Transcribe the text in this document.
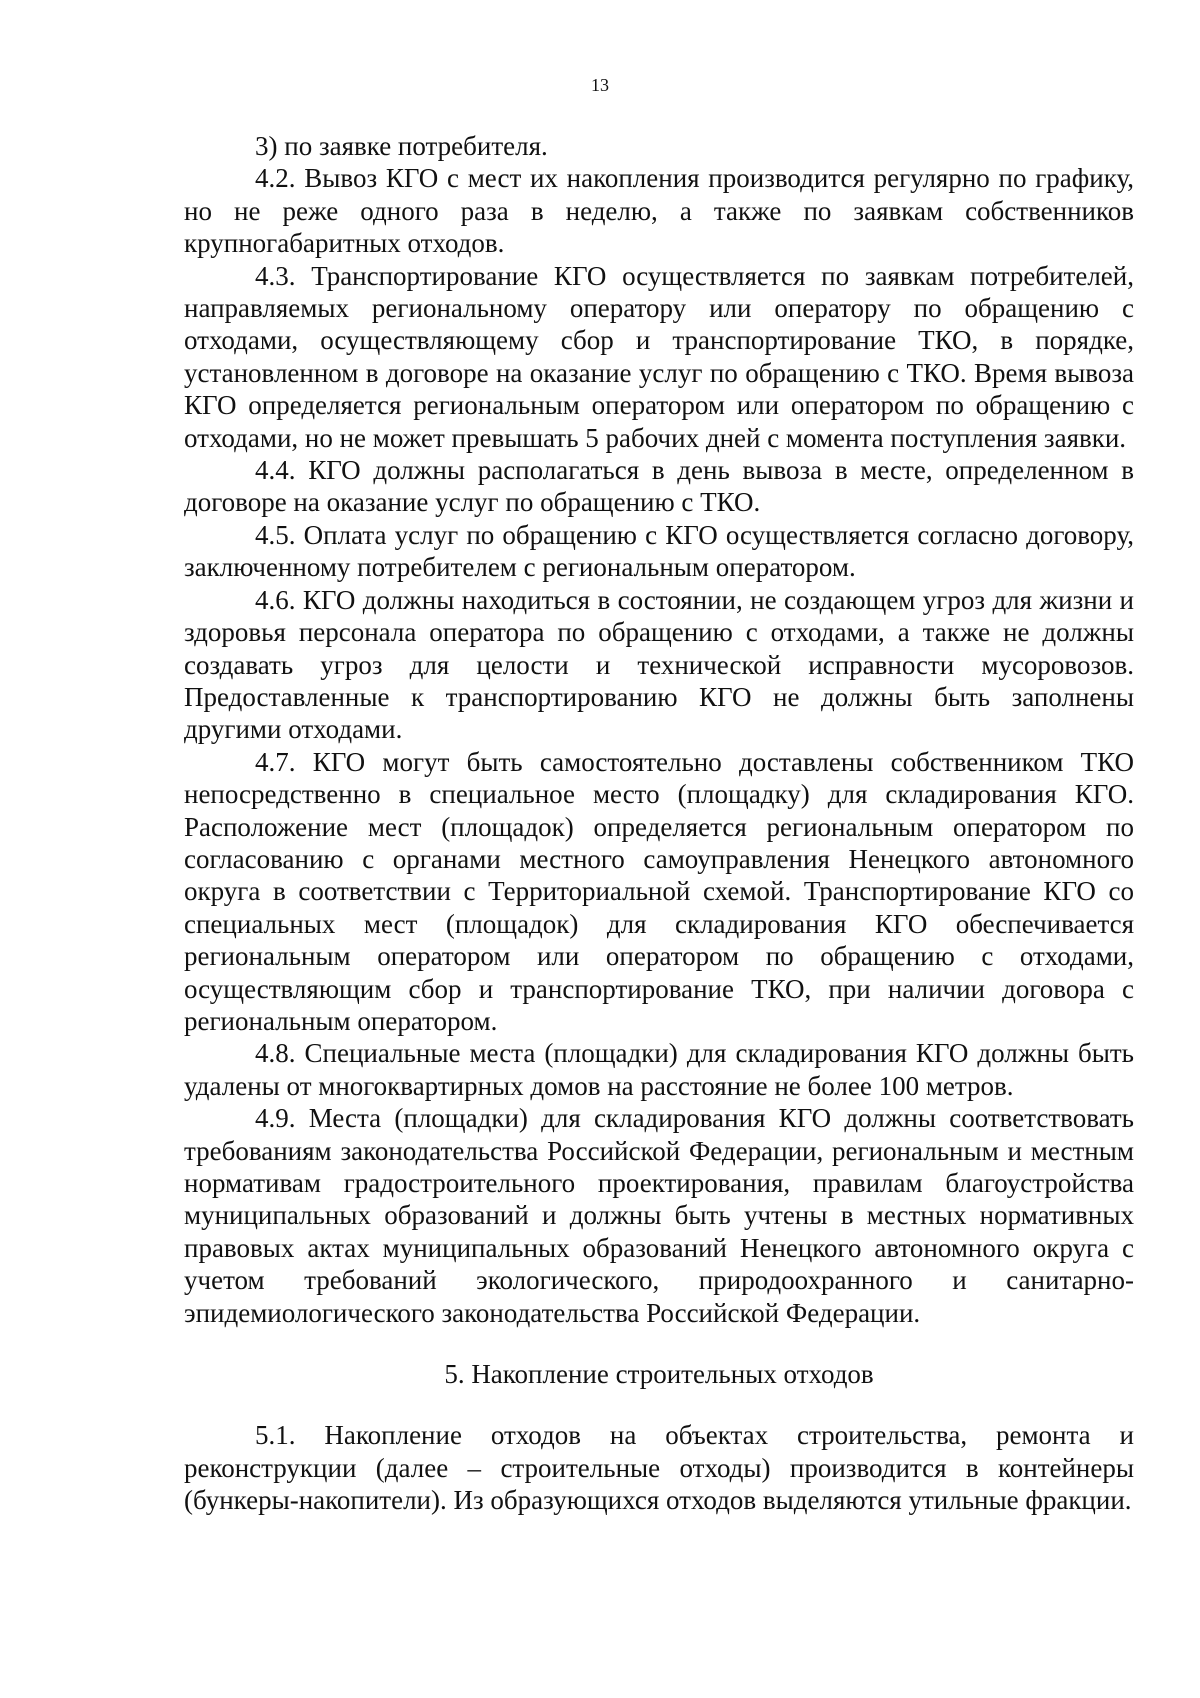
13

3) по заявке потребителя.

4.2. Вывоз КГО с мест их накопления производится регулярно по графику, но не реже одного раза в неделю, а также по заявкам собственников крупногабаритных отходов.

4.3. Транспортирование КГО осуществляется по заявкам потребителей, направляемых региональному оператору или оператору по обращению с отходами, осуществляющему сбор и транспортирование ТКО, в порядке, установленном в договоре на оказание услуг по обращению с ТКО. Время вывоза КГО определяется региональным оператором или оператором по обращению с отходами, но не может превышать 5 рабочих дней с момента поступления заявки.

4.4. КГО должны располагаться в день вывоза в месте, определенном в договоре на оказание услуг по обращению с ТКО.

4.5. Оплата услуг по обращению с КГО осуществляется согласно договору, заключенному потребителем с региональным оператором.

4.6. КГО должны находиться в состоянии, не создающем угроз для жизни и здоровья персонала оператора по обращению с отходами, а также не должны создавать угроз для целости и технической исправности мусоровозов. Предоставленные к транспортированию КГО не должны быть заполнены другими отходами.

4.7. КГО могут быть самостоятельно доставлены собственником ТКО непосредственно в специальное место (площадку) для складирования КГО. Расположение мест (площадок) определяется региональным оператором по согласованию с органами местного самоуправления Ненецкого автономного округа в соответствии с Территориальной схемой. Транспортирование КГО со специальных мест (площадок) для складирования КГО обеспечивается региональным оператором или оператором по обращению с отходами, осуществляющим сбор и транспортирование ТКО, при наличии договора с региональным оператором.

4.8. Специальные места (площадки) для складирования КГО должны быть удалены от многоквартирных домов на расстояние не более 100 метров.

4.9. Места (площадки) для складирования КГО должны соответствовать требованиям законодательства Российской Федерации, региональным и местным нормативам градостроительного проектирования, правилам благоустройства муниципальных образований и должны быть учтены в местных нормативных правовых актах муниципальных образований Ненецкого автономного округа с учетом требований экологического, природоохранного и санитарно-эпидемиологического законодательства Российской Федерации.

5. Накопление строительных отходов

5.1. Накопление отходов на объектах строительства, ремонта и реконструкции (далее – строительные отходы) производится в контейнеры (бункеры-накопители). Из образующихся отходов выделяются утильные фракции.
